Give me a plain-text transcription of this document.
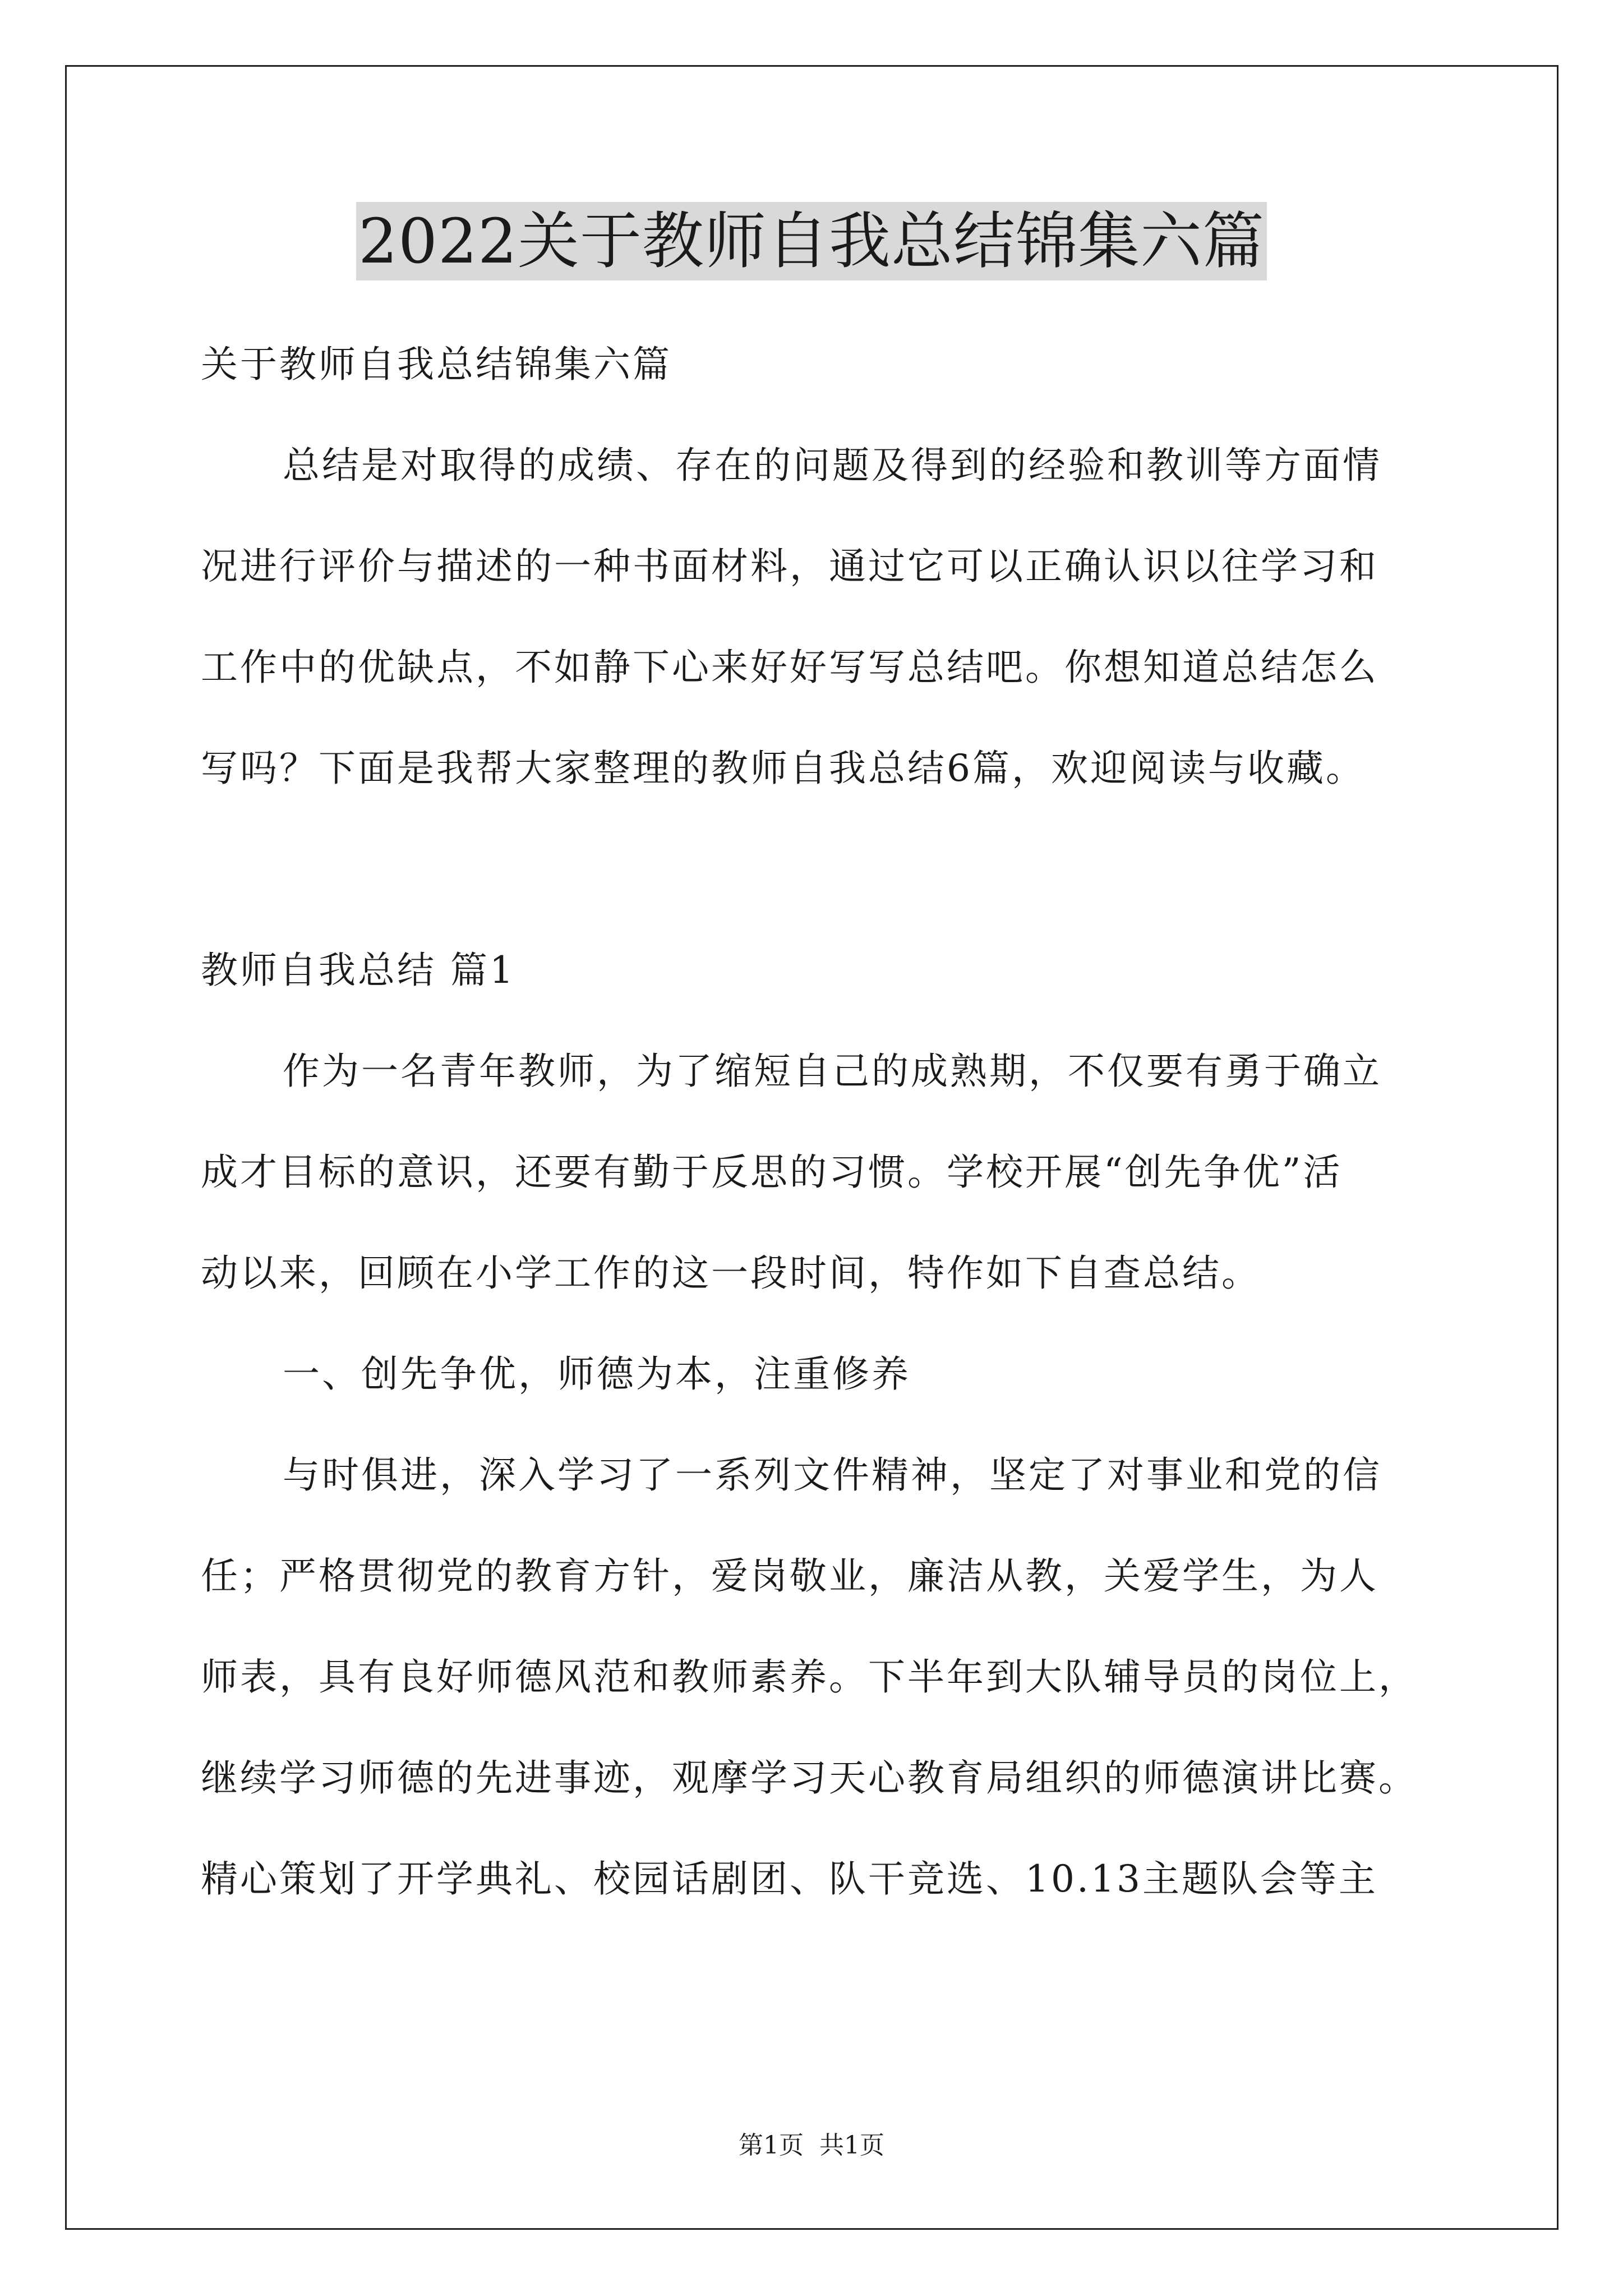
2022关于教师自我总结锦集六篇
关于教师自我总结锦集六篇
总结是对取得的成绩、存在的问题及得到的经验和教训等方面情
况进行评价与描述的一种书面材料，通过它可以正确认识以往学习和
工作中的优缺点，不如静下心来好好写写总结吧。你想知道总结怎么
写吗？下面是我帮大家整理的教师自我总结6篇，欢迎阅读与收藏。
教师自我总结 篇1
作为一名青年教师，为了缩短自己的成熟期，不仅要有勇于确立
成才目标的意识，还要有勤于反思的习惯。学校开展“创先争优”活
动以来，回顾在小学工作的这一段时间，特作如下自查总结。
一、创先争优，师德为本，注重修养
与时俱进，深入学习了一系列文件精神，坚定了对事业和党的信
任；严格贯彻党的教育方针，爱岗敬业，廉洁从教，关爱学生，为人
师表，具有良好师德风范和教师素养。下半年到大队辅导员的岗位上，
继续学习师德的先进事迹，观摩学习天心教育局组织的师德演讲比赛。
精心策划了开学典礼、校园话剧团、队干竞选、10.13主题队会等主
第1页 共1页
